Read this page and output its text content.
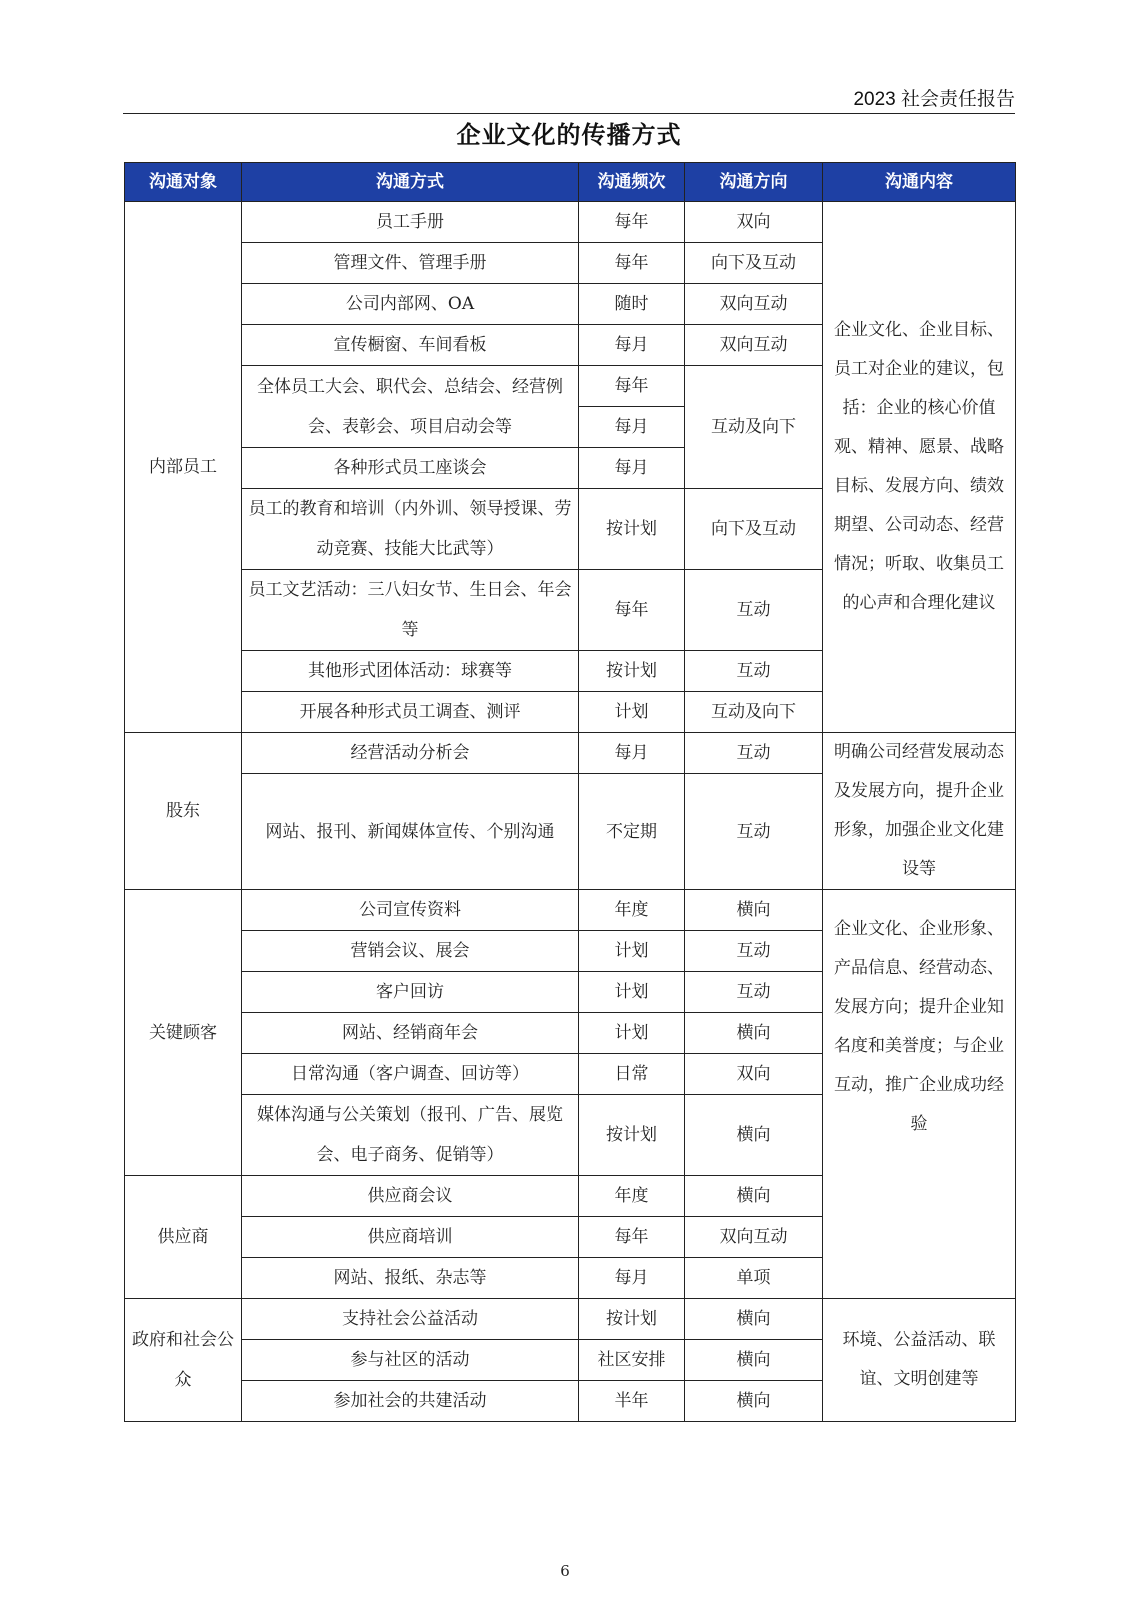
2023 社会责任报告
企业文化的传播方式
沟通对象	沟通方式	沟通频次	沟通方向	沟通内容
内部员工	员工手册	每年	双向	企业文化、企业目标、员工对企业的建议，包括：企业的核心价值观、精神、愿景、战略目标、发展方向、绩效期望、公司动态、经营情况；听取、收集员工的心声和合理化建议
	管理文件、管理手册	每年	向下及互动	
	公司内部网、OA	随时	双向互动	
	宣传橱窗、车间看板	每月	双向互动	
	全体员工大会、职代会、总结会、经营例会、表彰会、项目启动会等	每年	互动及向下	
		每月		
	各种形式员工座谈会	每月		
	员工的教育和培训（内外训、领导授课、劳动竞赛、技能大比武等）	按计划	向下及互动	

	员工文艺活动：三八妇女节、生日会、年会等	每年	互动	

	其他形式团体活动：球赛等	按计划	互动	
	开展各种形式员工调查、测评	计划	互动及向下	
股东	经营活动分析会	每月	互动	明确公司经营发展动态及发展方向，提升企业形象，加强企业文化建设等
	网站、报刊、新闻媒体宣传、个别沟通	不定期	互动	

关键顾客	公司宣传资料	年度	横向	企业文化、企业形象、产品信息、经营动态、发展方向；提升企业知名度和美誉度；与企业互动，推广企业成功经验
	营销会议、展会	计划	互动	
	客户回访	计划	互动	
	网站、经销商年会	计划	横向	
	日常沟通（客户调查、回访等）	日常	双向	
	媒体沟通与公关策划（报刊、广告、展览会、电子商务、促销等）	按计划	横向	

供应商	供应商会议	年度	横向	
	供应商培训	每年	双向互动	
	网站、报纸、杂志等	每月	单项	
政府和社会公众	支持社会公益活动	按计划	横向	环境、公益活动、联谊、文明创建等
	参与社区的活动	社区安排	横向	
	参加社会的共建活动	半年	横向	
6
